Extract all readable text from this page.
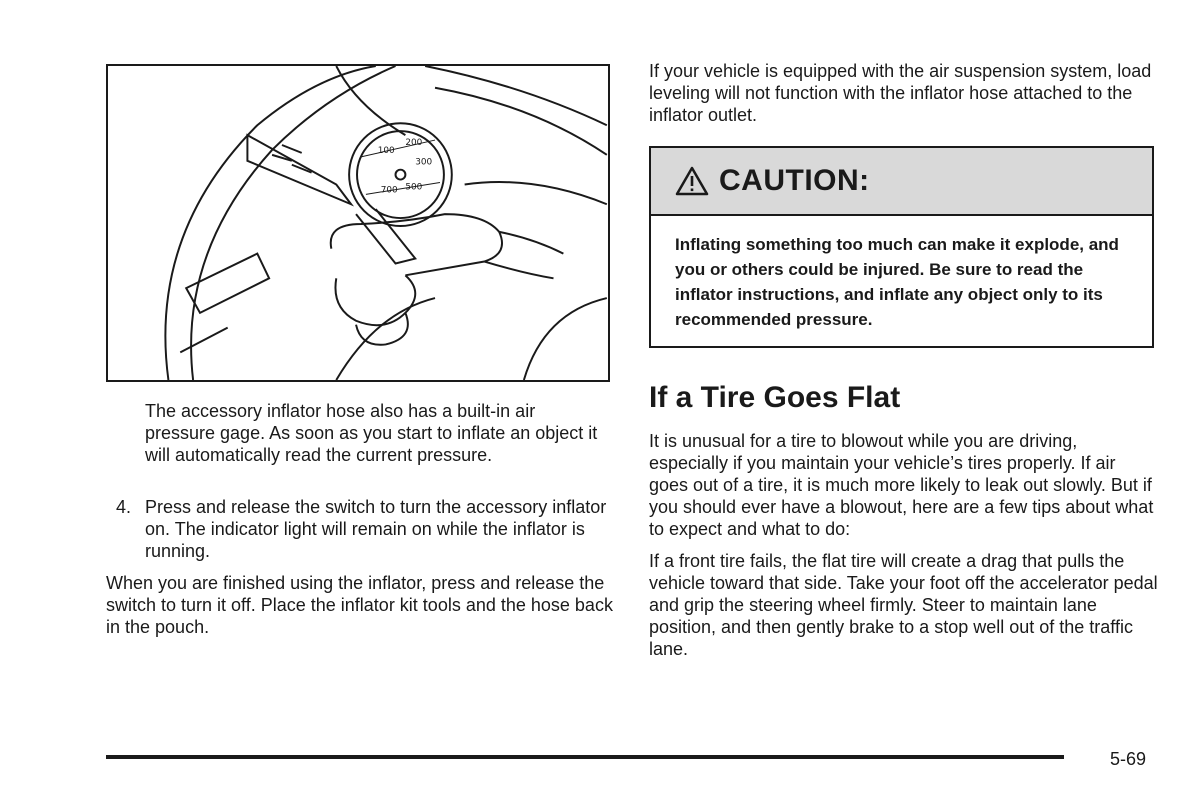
100
200
300
500
700

The accessory inflator hose also has a built-in air pressure gage. As soon as you start to inflate an object it will automatically read the current pressure.

4. Press and release the switch to turn the accessory inflator on. The indicator light will remain on while the inflator is running.

When you are finished using the inflator, press and release the switch to turn it off. Place the inflator kit tools and the hose back in the pouch.

If your vehicle is equipped with the air suspension system, load leveling will not function with the inflator hose attached to the inflator outlet.

CAUTION:
Inflating something too much can make it explode, and you or others could be injured. Be sure to read the inflator instructions, and inflate any object only to its recommended pressure.
If a Tire Goes Flat

It is unusual for a tire to blowout while you are driving, especially if you maintain your vehicle’s tires properly. If air goes out of a tire, it is much more likely to leak out slowly. But if you should ever have a blowout, here are a few tips about what to expect and what to do:

If a front tire fails, the flat tire will create a drag that pulls the vehicle toward that side. Take your foot off the accelerator pedal and grip the steering wheel firmly. Steer to maintain lane position, and then gently brake to a stop well out of the traffic lane.

5-69
